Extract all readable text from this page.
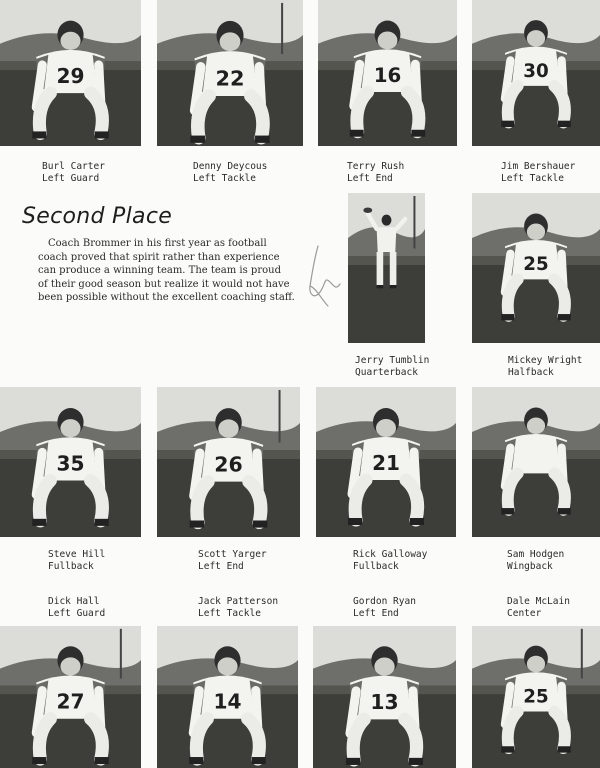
29	22	16	30
Burl Carter
Left Guard
Denny Deycous
Left Tackle
Terry Rush
Left End
Jim Bershauer
Left Tackle
Second Place
Coach Brommer in his first year as football
coach proved that spirit rather than experience
can produce a winning team. The team is proud
of their good season but realize it would not have
been possible without the excellent coaching staff.
25
Jerry Tumblin
Quarterback
Mickey Wright
Halfback
35	26	21
Steve Hill
Fullback
Scott Yarger
Left End
Rick Galloway
Fullback
Sam Hodgen
Wingback
Dick Hall
Left Guard
Jack Patterson
Left Tackle
Gordon Ryan
Left End
Dale McLain
Center
27	14	13	25
